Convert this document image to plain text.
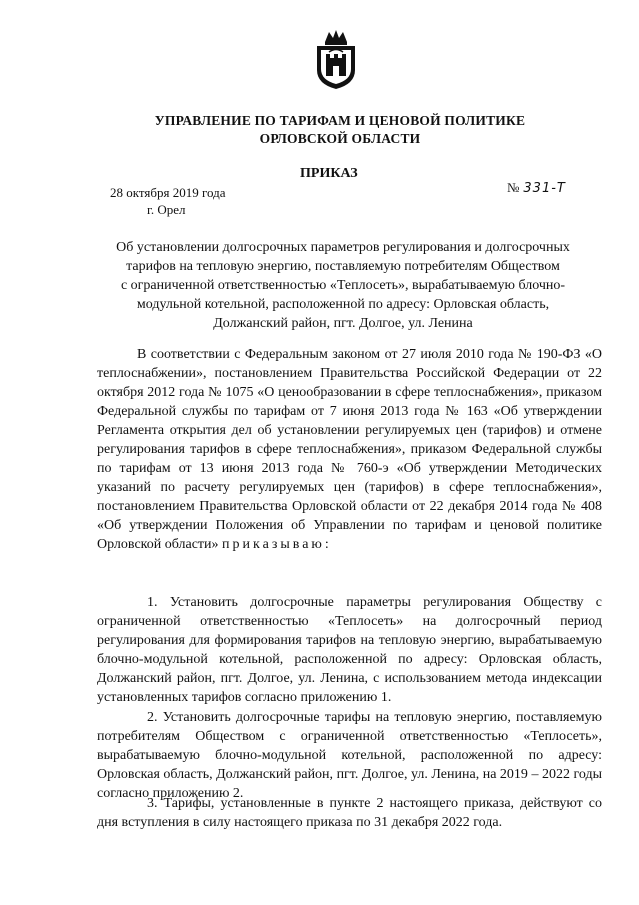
УПРАВЛЕНИЕ ПО ТАРИФАМ И ЦЕНОВОЙ ПОЛИТИКЕ
ОРЛОВСКОЙ ОБЛАСТИ
ПРИКАЗ
28 октября 2019 года
г. Орел
№ 331-Т
Об установлении долгосрочных параметров регулирования и долгосрочных
тарифов на тепловую энергию, поставляемую потребителям Обществом
с ограниченной ответственностью «Теплосеть», вырабатываемую блочно-
модульной котельной, расположенной по адресу: Орловская область,
Должанский район, пгт. Долгое, ул. Ленина
В соответствии с Федеральным законом от 27 июля 2010 года № 190-ФЗ «О теплоснабжении», постановлением Правительства Российской Федерации от 22 октября 2012 года № 1075 «О ценообразовании в сфере теплоснабжения», приказом Федеральной службы по тарифам от 7 июня 2013 года № 163 «Об утверждении Регламента открытия дел об установлении регулируемых цен (тарифов) и отмене регулирования тарифов в сфере теплоснабжения», приказом Федеральной службы по тарифам от 13 июня 2013 года № 760-э «Об утверждении Методических указаний по расчету регулируемых цен (тарифов) в сфере теплоснабжения», постановлением Правительства Орловской области от 22 декабря 2014 года № 408 «Об утверждении Положения об Управлении по тарифам и ценовой политике Орловской области» приказываю:
1. Установить долгосрочные параметры регулирования Обществу с ограниченной ответственностью «Теплосеть» на долгосрочный период регулирования для формирования тарифов на тепловую энергию, вырабатываемую блочно-модульной котельной, расположенной по адресу: Орловская область, Должанский район, пгт. Долгое, ул. Ленина, с использованием метода индексации установленных тарифов согласно приложению 1.
2. Установить долгосрочные тарифы на тепловую энергию, поставляемую потребителям Обществом с ограниченной ответственностью «Теплосеть», вырабатываемую блочно-модульной котельной, расположенной по адресу: Орловская область, Должанский район, пгт. Долгое, ул. Ленина, на 2019 – 2022 годы согласно приложению 2.
3. Тарифы, установленные в пункте 2 настоящего приказа, действуют со дня вступления в силу настоящего приказа по 31 декабря 2022 года.
